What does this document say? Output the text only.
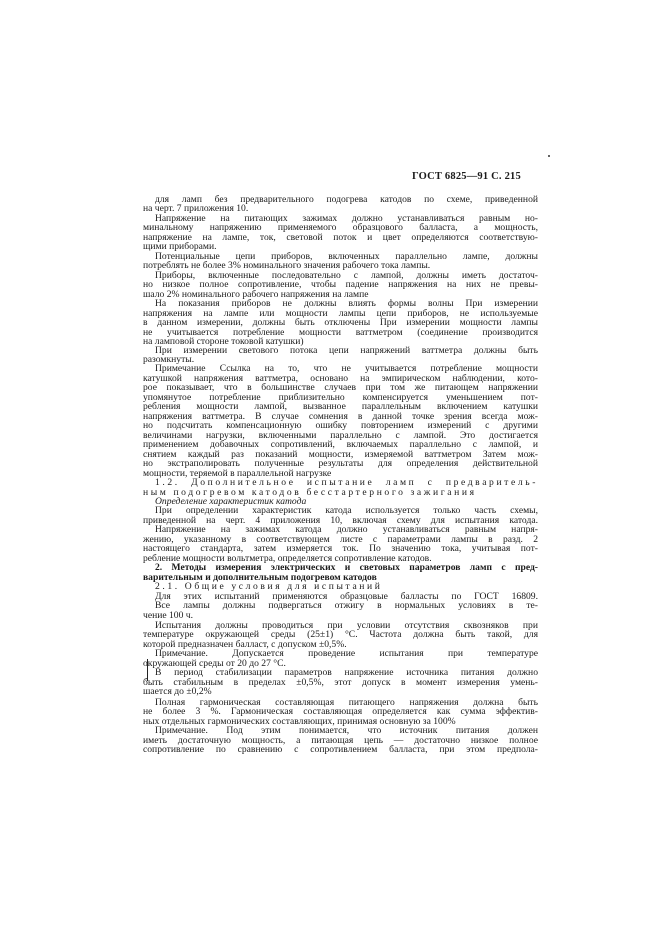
ГОСТ 6825—91 С. 215
для ламп без предварительного подогрева катодов по схеме, приведенной
на черт. 7 приложения 10.
Напряжение на питающих зажимах должно устанавливаться равным но-
минальному напряжению применяемого образцового балласта, а мощность,
напряжение на лампе, ток, световой поток и цвет определяются соответствую-
щими приборами.
Потенциальные цепи приборов, включенных параллельно лампе, должны
потреблять не более 3% номинального значения рабочего тока лампы.
Приборы, включенные последовательно с лампой, должны иметь достаточ-
но низкое полное сопротивление, чтобы падение напряжения на них не превы-
шало 2% номинального рабочего напряжения на лампе
На показания приборов не должны влиять формы волны При измерении
напряжения на лампе или мощности лампы цепи приборов, не используемые
в данном измерении, должны быть отключены При измерении мощности лампы
не учитывается потребление мощности ваттметром (соединение производится
на ламповой стороне токовой катушки)
При измерении светового потока цепи напряжений ваттметра должны быть
разомкнуты.
Примечание Ссылка на то, что не учитывается потребление мощности
катушкой напряжения ваттметра, основано на эмпирическом наблюдении, кото-
рое показывает, что в большинстве случаев при том же питающем напряжении
упомянутое потребление приблизительно компенсируется уменьшением пот-
ребления мощности лампой, вызванное параллельным включением катушки
напряжения ваттметра. В случае сомнения в данной точке зрения всегда мож-
но подсчитать компенсационную ошибку повторением измерений с другими
величинами нагрузки, включенными параллельно с лампой. Это достигается
применением добавочных сопротивлений, включаемых параллельно с лампой, и
снятием каждый раз показаний мощности, измеряемой ваттметром Затем мож-
но экстраполировать полученные результаты для определения действительной
мощности, теряемой в параллельной нагрузке
1.2. Дополнительное испытание ламп с предваритель-
ным подогревом катодов бесстартерного зажигания
Определение характеристик катода
При определении характеристик катода используется только часть схемы,
приведенной на черт. 4 приложения 10, включая схему для испытания катода.
Напряжение на зажимах катода должно устанавливаться равным напря-
жению, указанному в соответствующем листе с параметрами лампы в разд. 2
настоящего стандарта, затем измеряется ток. По значению тока, учитывая пот-
ребление мощности вольтметра, определяется сопротивление катодов.
2. Методы измерения электрических и световых параметров ламп с пред-
варительным и дополнительным подогревом катодов
2.1. Общие условия для испытаний
Для этих испытаний применяются образцовые балласты по ГОСТ 16809.
Все лампы должны подвергаться отжигу в нормальных условиях в те-
чение 100 ч.
Испытания должны проводиться при условии отсутствия сквозняков при
температуре окружающей среды (25±1) °С. Частота должна быть такой, для
которой предназначен балласт, с допуском ±0,5%.
Примечание. Допускается проведение испытания при температуре
окружающей среды от 20 до 27 °С.
В период стабилизации параметров напряжение источника питания должно
быть стабильным в пределах ±0,5%, этот допуск в момент измерения умень-
шается до ±0,2%
Полная гармоническая составляющая питающего напряжения должна быть
не более 3 %. Гармоническая составляющая определяется как сумма эффектив-
ных отдельных гармонических составляющих, принимая основную за 100%
Примечание. Под этим понимается, что источник питания должен
иметь достаточную мощность, а питающая цепь — достаточно низкое полное
сопротивление по сравнению с сопротивлением балласта, при этом предпола-
